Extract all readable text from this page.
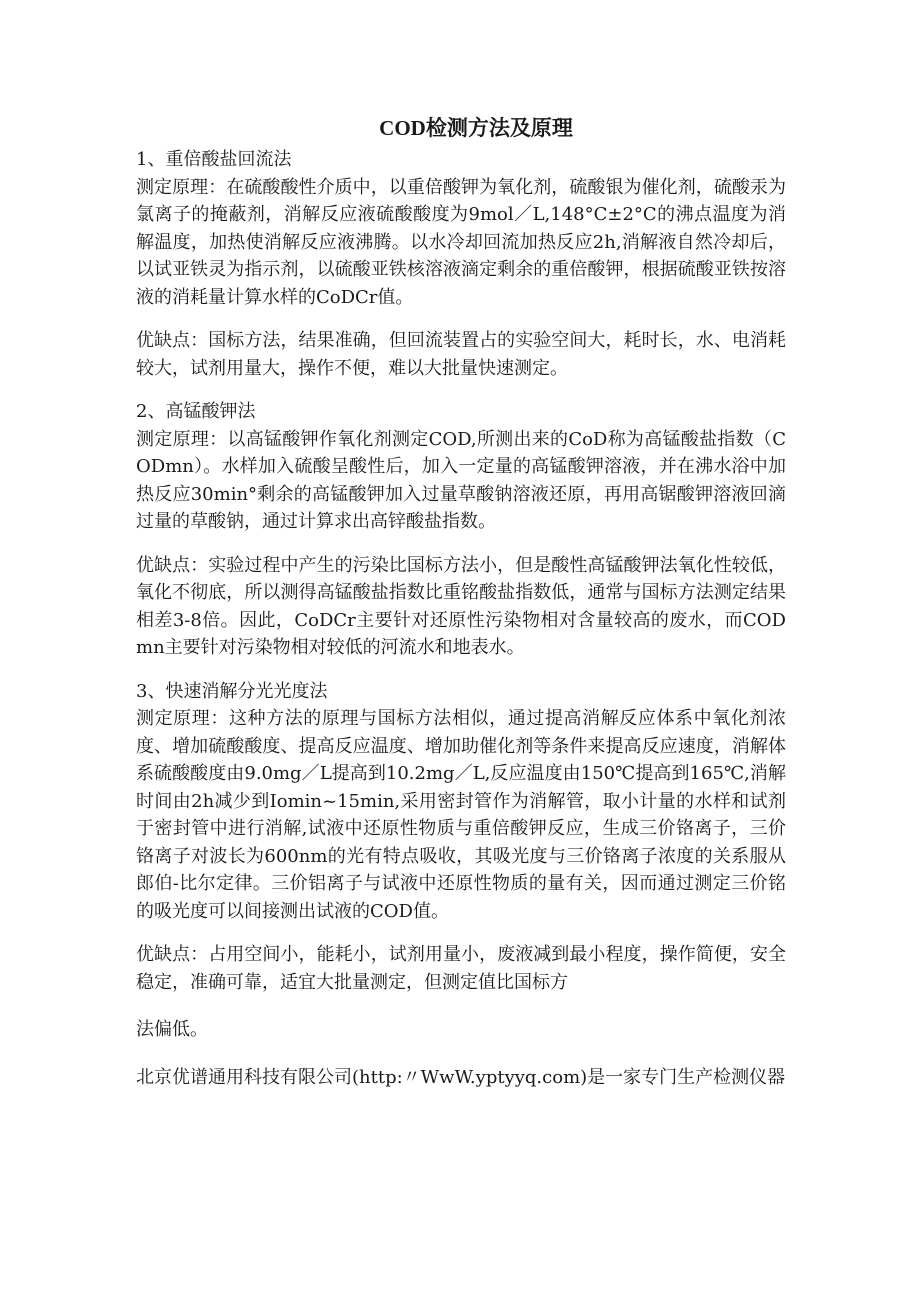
COD检测方法及原理

1、重倍酸盐回流法

测定原理：在硫酸酸性介质中，以重倍酸钾为氧化剂，硫酸银为催化剂，硫酸汞为氯离子的掩蔽剂，消解反应液硫酸酸度为9mol／L,148°C±2°C的沸点温度为消解温度，加热使消解反应液沸腾。以水冷却回流加热反应2h,消解液自然冷却后，以试亚铁灵为指示剂，以硫酸亚铁核溶液滴定剩余的重倍酸钾，根据硫酸亚铁按溶液的消耗量计算水样的CoDCr值。

优缺点：国标方法，结果准确，但回流装置占的实验空间大，耗时长，水、电消耗较大，试剂用量大，操作不便，难以大批量快速测定。

2、高锰酸钾法

测定原理：以高锰酸钾作氧化剂测定COD,所测出来的CoD称为高锰酸盐指数（CODmn）。水样加入硫酸呈酸性后，加入一定量的高锰酸钾溶液，并在沸水浴中加热反应30min°剩余的高锰酸钾加入过量草酸钠溶液还原，再用高锯酸钾溶液回滴过量的草酸钠，通过计算求出高锌酸盐指数。

优缺点：实验过程中产生的污染比国标方法小，但是酸性高锰酸钾法氧化性较低，氧化不彻底，所以测得高锰酸盐指数比重铭酸盐指数低，通常与国标方法测定结果相差3-8倍。因此，CoDCr主要针对还原性污染物相对含量较高的废水，而CODmn主要针对污染物相对较低的河流水和地表水。

3、快速消解分光光度法

测定原理：这种方法的原理与国标方法相似，通过提高消解反应体系中氧化剂浓度、增加硫酸酸度、提高反应温度、增加助催化剂等条件来提高反应速度，消解体系硫酸酸度由9.0mg／L提高到10.2mg／L,反应温度由150℃提高到165℃,消解时间由2h减少到Iomin~15min,采用密封管作为消解管，取小计量的水样和试剂于密封管中进行消解,试液中还原性物质与重倍酸钾反应，生成三价铬离子，三价铬离子对波长为600nm的光有特点吸收，其吸光度与三价铬离子浓度的关系服从郎伯-比尔定律。三价铝离子与试液中还原性物质的量有关，因而通过测定三价铭的吸光度可以间接测出试液的COD值。

优缺点：占用空间小，能耗小，试剂用量小，废液减到最小程度，操作简便，安全稳定，准确可靠，适宜大批量测定，但测定值比国标方

法偏低。

北京优谱通用科技有限公司(http:〃WwW.yptyyq.com)是一家专门生产检测仪器
